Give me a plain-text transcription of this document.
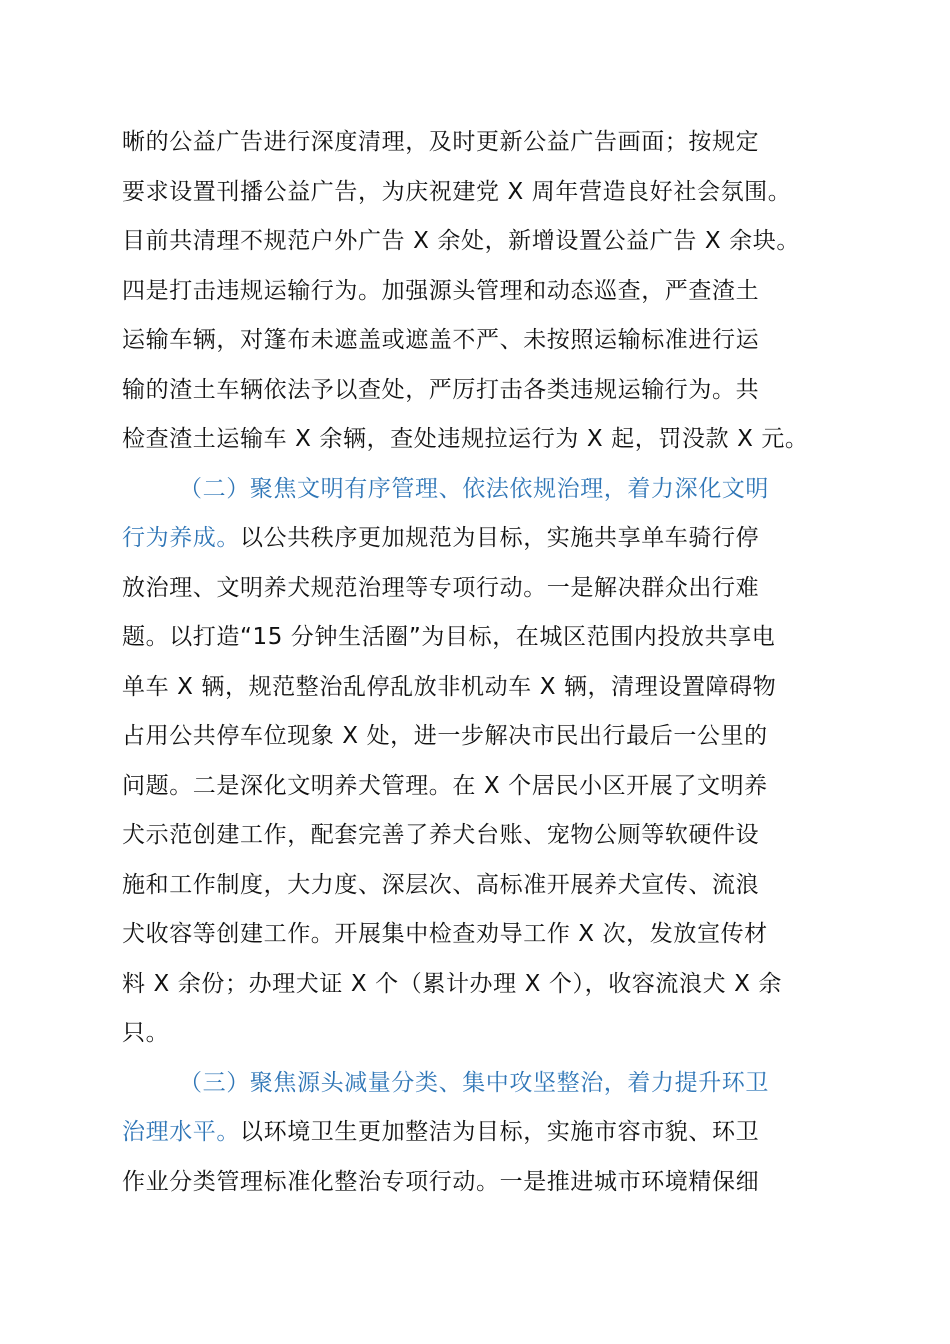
晰的公益广告进行深度清理，及时更新公益广告画面；按规定
要求设置刊播公益广告，为庆祝建党 X 周年营造良好社会氛围。
目前共清理不规范户外广告 X 余处，新增设置公益广告 X 余块。
四是打击违规运输行为。加强源头管理和动态巡查，严查渣土
运输车辆，对篷布未遮盖或遮盖不严、未按照运输标准进行运
输的渣土车辆依法予以查处，严厉打击各类违规运输行为。共
检查渣土运输车 X 余辆，查处违规拉运行为 X 起，罚没款 X 元。
（二）聚焦文明有序管理、依法依规治理，着力深化文明
行为养成。以公共秩序更加规范为目标，实施共享单车骑行停
放治理、文明养犬规范治理等专项行动。一是解决群众出行难
题。以打造“15 分钟生活圈”为目标，在城区范围内投放共享电
单车 X 辆，规范整治乱停乱放非机动车 X 辆，清理设置障碍物
占用公共停车位现象 X 处，进一步解决市民出行最后一公里的
问题。二是深化文明养犬管理。在 X 个居民小区开展了文明养
犬示范创建工作，配套完善了养犬台账、宠物公厕等软硬件设
施和工作制度，大力度、深层次、高标准开展养犬宣传、流浪
犬收容等创建工作。开展集中检查劝导工作 X 次，发放宣传材
料 X 余份；办理犬证 X 个（累计办理 X 个），收容流浪犬 X 余
只。
（三）聚焦源头减量分类、集中攻坚整治，着力提升环卫
治理水平。以环境卫生更加整洁为目标，实施市容市貌、环卫
作业分类管理标准化整治专项行动。一是推进城市环境精保细
